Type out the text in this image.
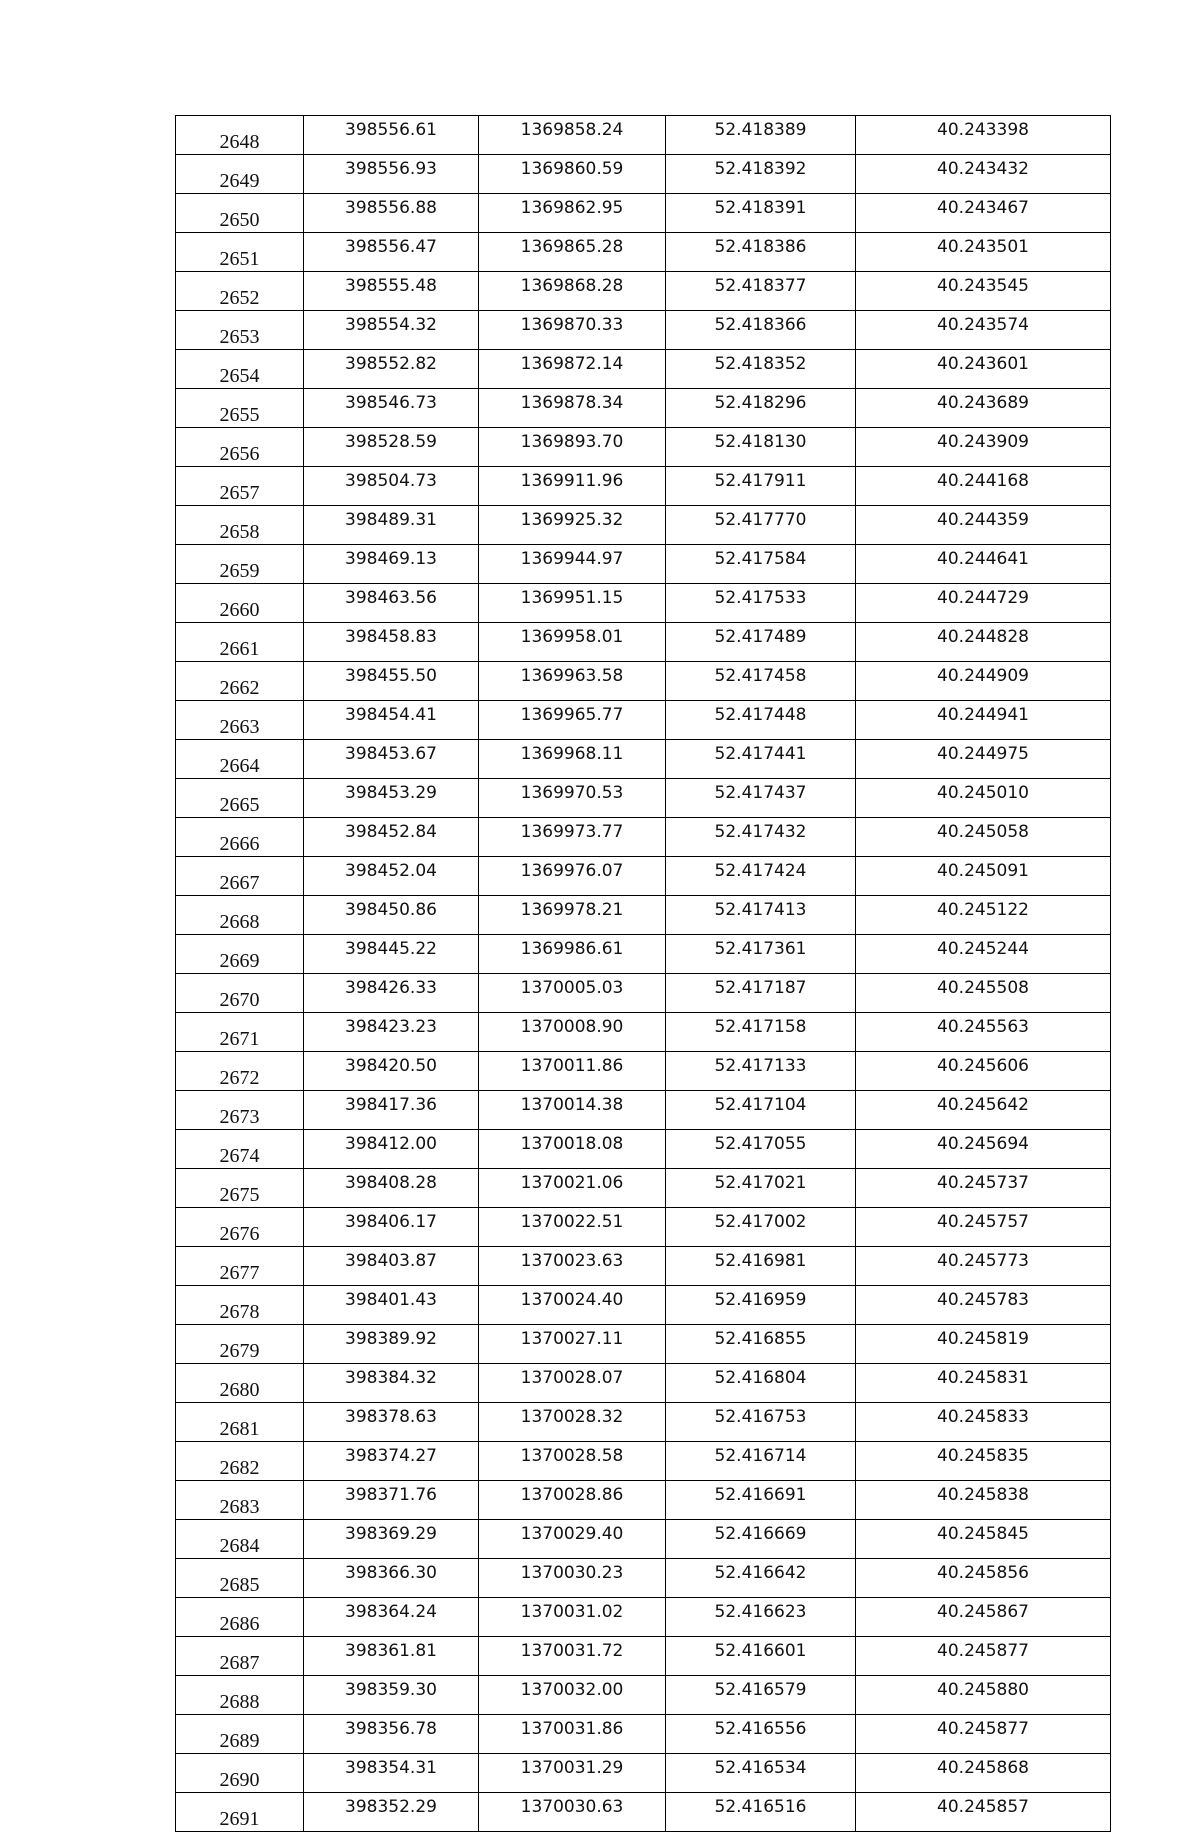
2648	398556.61	1369858.24	52.418389	40.243398
2649	398556.93	1369860.59	52.418392	40.243432
2650	398556.88	1369862.95	52.418391	40.243467
2651	398556.47	1369865.28	52.418386	40.243501
2652	398555.48	1369868.28	52.418377	40.243545
2653	398554.32	1369870.33	52.418366	40.243574
2654	398552.82	1369872.14	52.418352	40.243601
2655	398546.73	1369878.34	52.418296	40.243689
2656	398528.59	1369893.70	52.418130	40.243909
2657	398504.73	1369911.96	52.417911	40.244168
2658	398489.31	1369925.32	52.417770	40.244359
2659	398469.13	1369944.97	52.417584	40.244641
2660	398463.56	1369951.15	52.417533	40.244729
2661	398458.83	1369958.01	52.417489	40.244828
2662	398455.50	1369963.58	52.417458	40.244909
2663	398454.41	1369965.77	52.417448	40.244941
2664	398453.67	1369968.11	52.417441	40.244975
2665	398453.29	1369970.53	52.417437	40.245010
2666	398452.84	1369973.77	52.417432	40.245058
2667	398452.04	1369976.07	52.417424	40.245091
2668	398450.86	1369978.21	52.417413	40.245122
2669	398445.22	1369986.61	52.417361	40.245244
2670	398426.33	1370005.03	52.417187	40.245508
2671	398423.23	1370008.90	52.417158	40.245563
2672	398420.50	1370011.86	52.417133	40.245606
2673	398417.36	1370014.38	52.417104	40.245642
2674	398412.00	1370018.08	52.417055	40.245694
2675	398408.28	1370021.06	52.417021	40.245737
2676	398406.17	1370022.51	52.417002	40.245757
2677	398403.87	1370023.63	52.416981	40.245773
2678	398401.43	1370024.40	52.416959	40.245783
2679	398389.92	1370027.11	52.416855	40.245819
2680	398384.32	1370028.07	52.416804	40.245831
2681	398378.63	1370028.32	52.416753	40.245833
2682	398374.27	1370028.58	52.416714	40.245835
2683	398371.76	1370028.86	52.416691	40.245838
2684	398369.29	1370029.40	52.416669	40.245845
2685	398366.30	1370030.23	52.416642	40.245856
2686	398364.24	1370031.02	52.416623	40.245867
2687	398361.81	1370031.72	52.416601	40.245877
2688	398359.30	1370032.00	52.416579	40.245880
2689	398356.78	1370031.86	52.416556	40.245877
2690	398354.31	1370031.29	52.416534	40.245868
2691	398352.29	1370030.63	52.416516	40.245857
